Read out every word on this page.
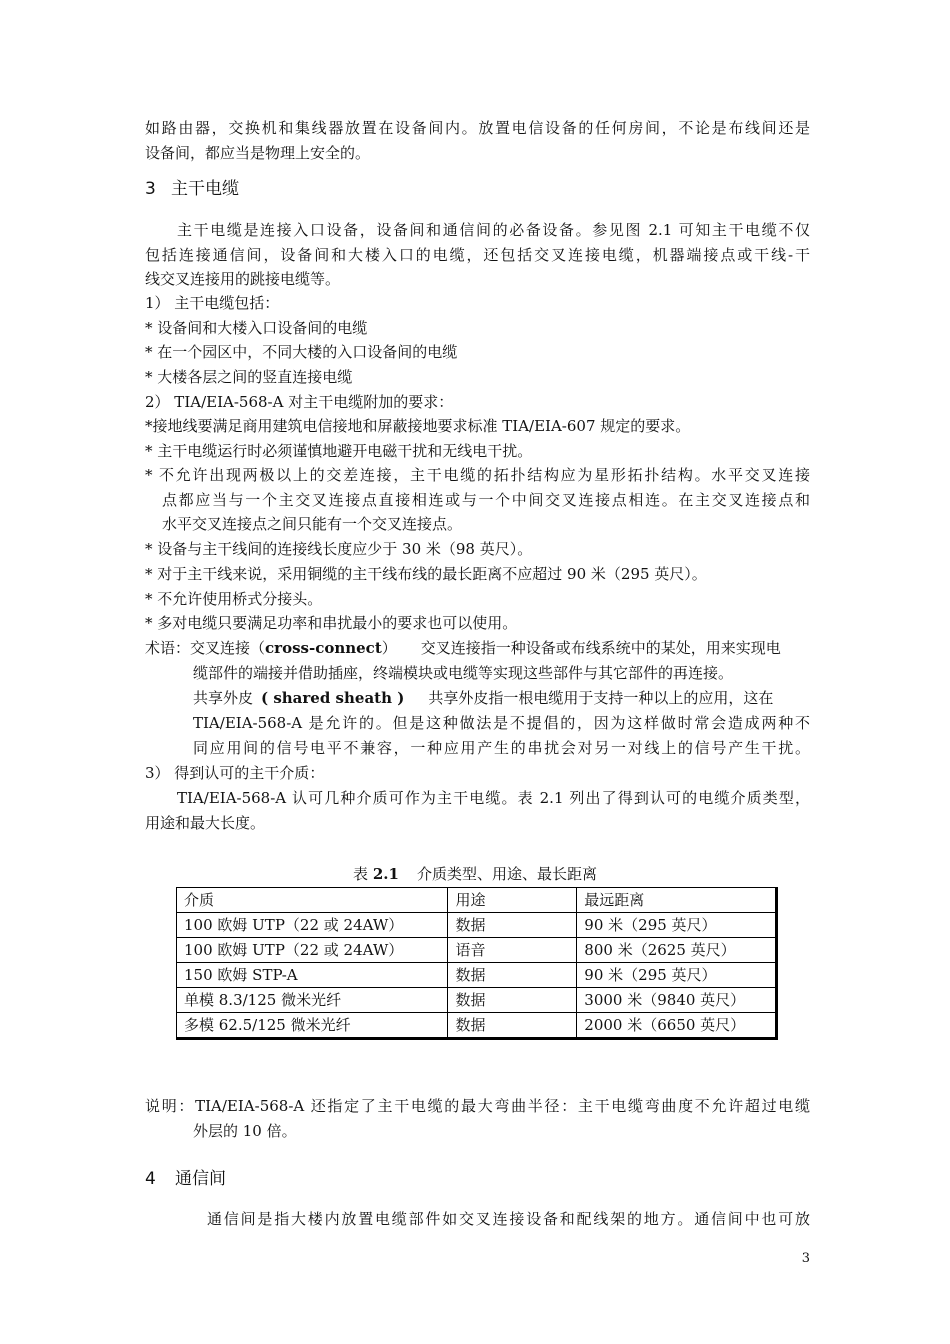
如路由器，交换机和集线器放置在设备间内。放置电信设备的任何房间，不论是布线间还是
设备间，都应当是物理上安全的。
3 主干电缆
主干电缆是连接入口设备，设备间和通信间的必备设备。参见图 2.1 可知主干电缆不仅
包括连接通信间，设备间和大楼入口的电缆，还包括交叉连接电缆，机器端接点或干线-干
线交叉连接用的跳接电缆等。
1） 主干电缆包括：
* 设备间和大楼入口设备间的电缆
* 在一个园区中，不同大楼的入口设备间的电缆
* 大楼各层之间的竖直连接电缆
2） TIA/EIA-568-A 对主干电缆附加的要求：
*接地线要满足商用建筑电信接地和屏蔽接地要求标准 TIA/EIA-607 规定的要求。
* 主干电缆运行时必须谨慎地避开电磁干扰和无线电干扰。
* 不允许出现两极以上的交差连接，主干电缆的拓扑结构应为星形拓扑结构。水平交叉连接
点都应当与一个主交叉连接点直接相连或与一个中间交叉连接点相连。在主交叉连接点和
水平交叉连接点之间只能有一个交叉连接点。
* 设备与主干线间的连接线长度应少于 30 米（98 英尺）。
* 对于主干线来说，采用铜缆的主干线布线的最长距离不应超过 90 米（295 英尺）。
* 不允许使用桥式分接头。
* 多对电缆只要满足功率和串扰最小的要求也可以使用。
术语：交叉连接（cross-connect） 交叉连接指一种设备或布线系统中的某处，用来实现电
缆部件的端接并借助插座，终端模块或电缆等实现这些部件与其它部件的再连接。
共享外皮 ( shared sheath ) 共享外皮指一根电缆用于支持一种以上的应用，这在
TIA/EIA-568-A 是允许的。但是这种做法是不提倡的，因为这样做时常会造成两种不
同应用间的信号电平不兼容，一种应用产生的串扰会对另一对线上的信号产生干扰。
3） 得到认可的主干介质：
TIA/EIA-568-A 认可几种介质可作为主干电缆。表 2.1 列出了得到认可的电缆介质类型，
用途和最大长度。
表 2.1 介质类型、用途、最长距离
介质	用途	最远距离
100 欧姆 UTP（22 或 24AW）	数据	90 米（295 英尺）
100 欧姆 UTP（22 或 24AW）	语音	800 米（2625 英尺）
150 欧姆 STP-A	数据	90 米（295 英尺）
单模 8.3/125 微米光纤	数据	3000 米（9840 英尺）
多模 62.5/125 微米光纤	数据	2000 米（6650 英尺）
说明：TIA/EIA-568-A 还指定了主干电缆的最大弯曲半径：主干电缆弯曲度不允许超过电缆
外层的 10 倍。
4 通信间
通信间是指大楼内放置电缆部件如交叉连接设备和配线架的地方。通信间中也可放
3
